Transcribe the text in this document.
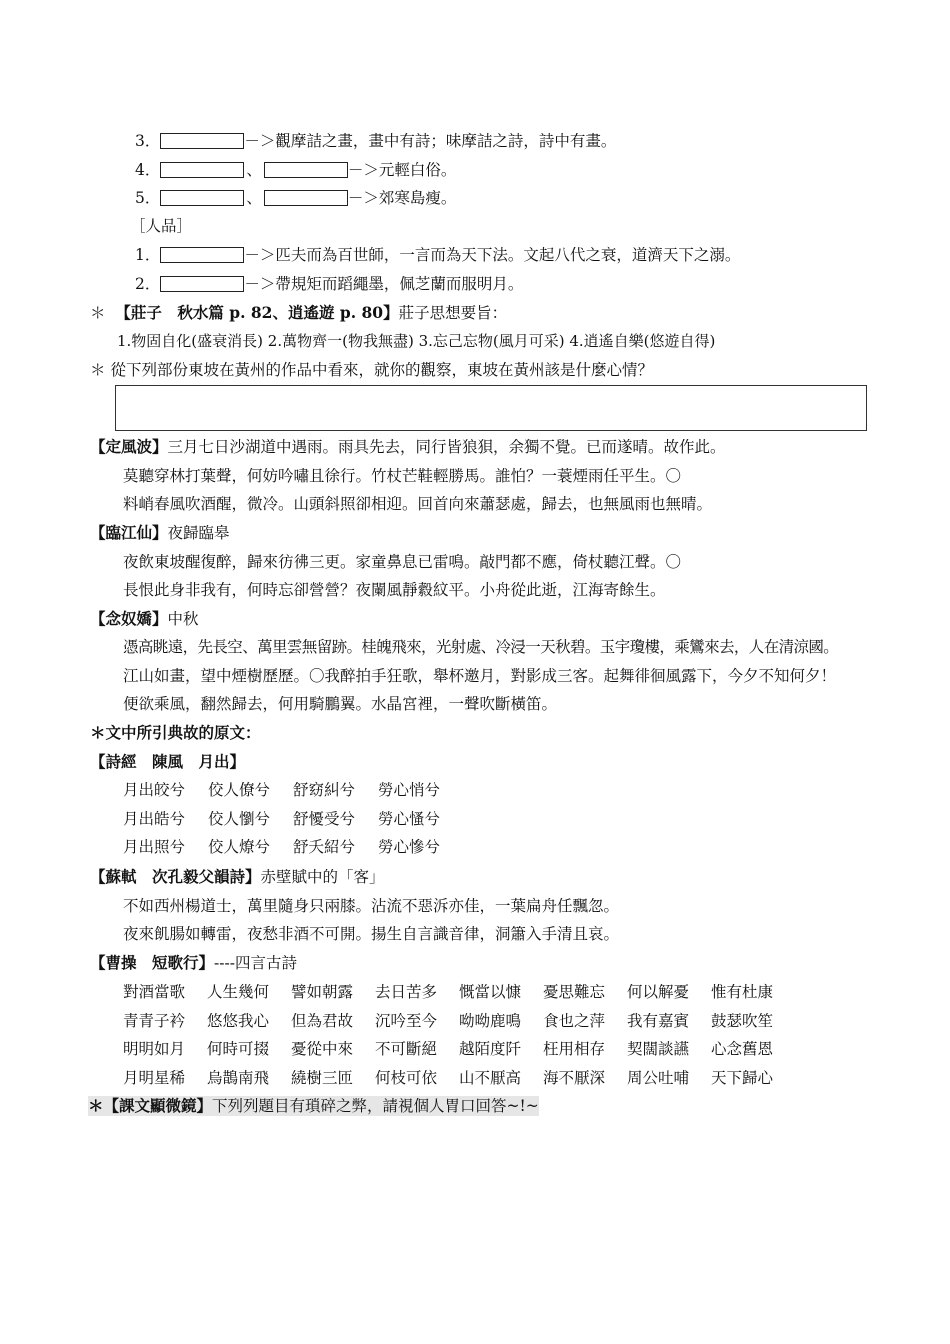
3．	－＞觀摩詰之畫，畫中有詩；味摩詰之詩，詩中有畫。
4．	、	－＞元輕白俗。
5．	、	－＞郊寒島瘦。
［人品］
1．	－＞匹夫而為百世師，一言而為天下法。文起八代之衰，道濟天下之溺。
2．	－＞帶規矩而蹈繩墨，佩芝蘭而服明月。
＊ 【莊子　秋水篇 p. 82、逍遙遊 p. 80】莊子思想要旨：
1.物固自化(盛衰消長) 2.萬物齊一(物我無盡) 3.忘己忘物(風月可采) 4.逍遙自樂(悠遊自得)
＊ 從下列部份東坡在黃州的作品中看來，就你的觀察，東坡在黃州該是什麼心情？
【定風波】三月七日沙湖道中遇雨。雨具先去，同行皆狼狽，余獨不覺。已而遂晴。故作此。
莫聽穿林打葉聲，何妨吟嘯且徐行。竹杖芒鞋輕勝馬。誰怕？一蓑煙雨任平生。〇
料峭春風吹酒醒，微冷。山頭斜照卻相迎。回首向來蕭瑟處，歸去，也無風雨也無晴。
【臨江仙】夜歸臨皋
夜飲東坡醒復醉，歸來彷彿三更。家童鼻息已雷鳴。敲門都不應，倚杖聽江聲。〇
長恨此身非我有，何時忘卻營營？夜闌風靜縠紋平。小舟從此逝，江海寄餘生。
【念奴嬌】中秋
憑高眺遠，先長空、萬里雲無留跡。桂魄飛來，光射處、冷浸一天秋碧。玉宇瓊樓，乘鸞來去，人在清涼國。
江山如畫，望中煙樹歷歷。〇我醉拍手狂歌，舉杯邀月，對影成三客。起舞徘徊風露下，今夕不知何夕！
便欲乘風，翻然歸去，何用騎鵬翼。水晶宮裡，一聲吹斷橫笛。
＊文中所引典故的原文：
【詩經　陳風　月出】
月出皎兮 佼人僚兮 舒窈糾兮 勞心悄兮
月出皓兮 佼人懰兮 舒懮受兮 勞心慅兮
月出照兮 佼人燎兮 舒夭紹兮 勞心慘兮
【蘇軾　次孔毅父韻詩】赤壁賦中的「客」
不如西州楊道士，萬里隨身只兩膝。沾流不惡泝亦佳，一葉扁舟任飄忽。
夜來飢腸如轉雷，夜愁非酒不可開。揚生自言識音律，洞簫入手清且哀。
【曹操　短歌行】----四言古詩
對酒當歌 人生幾何 譬如朝露 去日苦多 慨當以慷 憂思難忘 何以解憂 惟有杜康
青青子衿 悠悠我心 但為君故 沉吟至今 呦呦鹿鳴 食也之萍 我有嘉賓 鼓瑟吹笙
明明如月 何時可掇 憂從中來 不可斷絕 越陌度阡 枉用相存 契闊談讌 心念舊恩
月明星稀 烏鵲南飛 繞樹三匝 何枝可依 山不厭高 海不厭深 周公吐哺 天下歸心
＊【課文顯微鏡】下列列題目有瑣碎之弊，請視個人胃口回答~!~
